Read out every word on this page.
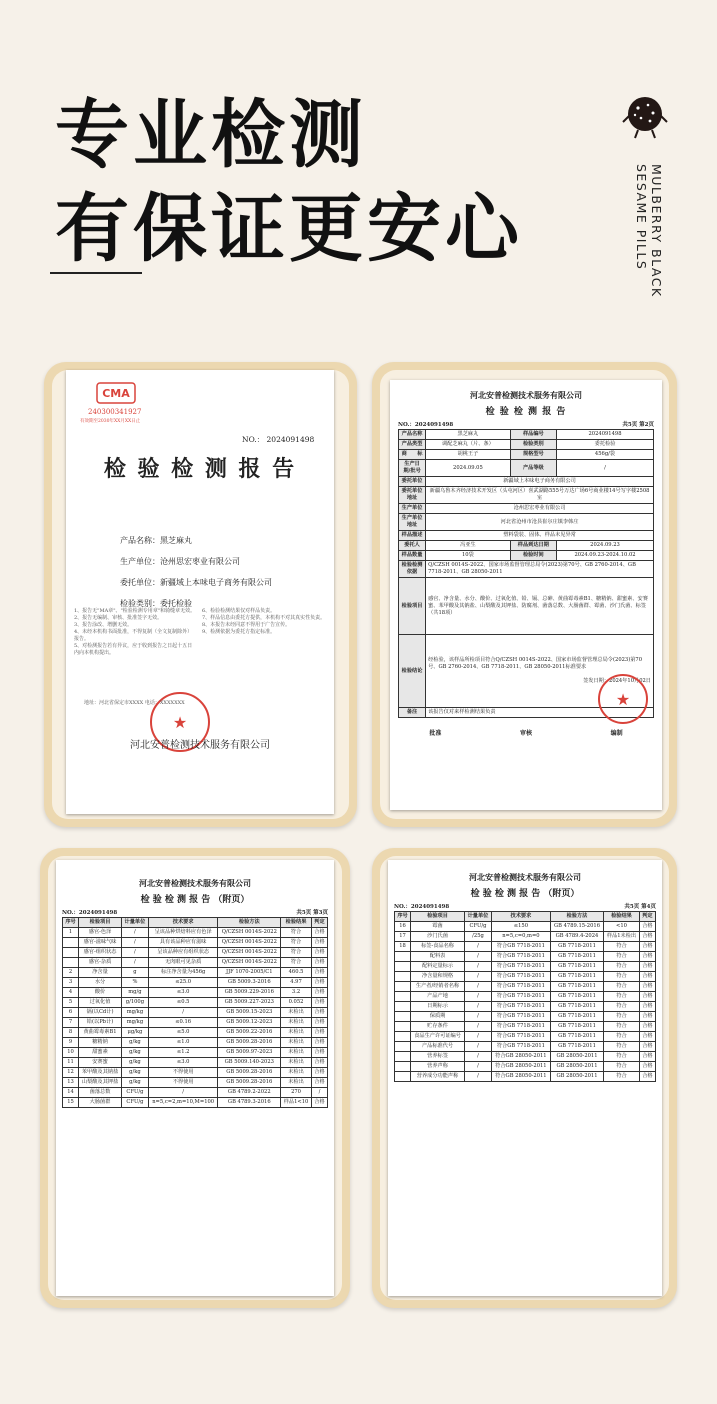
专业检测
有保证更安心	MULBERRY BLACK SESAME PILLS
CMA
240300341927
有效期至2030年XX月XX日止
NO.： 2024091498
检 验 检 测 报 告
产品名称：黑芝麻丸
生产单位：沧州思宏枣业有限公司
委托单位：新疆域上本味电子商务有限公司
检验类别：委托检验
1、报告无"MA章"、"检验检测专用章"和骑缝章无效。
2、报告无编制、审核、批准签字无效。
3、报告涂改、增删无效。
4、未经本机构书面批准，不得复制（全文复制除外）报告。
5、对检测报告若有异议，应于收到报告之日起十五日内向本机构提出。
6、检验检测结果仅对样品负责。
7、样品信息由委托方提供，本机构不对其真实性负责。
8、本报告未经同意不得用于广告宣传。
9、检测依据为委托方指定标准。
★
河北安普检测技术服务有限公司
地址：河北省保定市XXXX 电话：XXXXXXX
河北安普检测技术服务有限公司
检 验 检 测 报 告
NO.：2024091498	共5页 第2页
产品名称	黑芝麻丸	样品编号	2024091498
产品类型	调配芝麻丸（片、条）	检验类别	委托检验
商　　标	胡桃王子	规格型号	456g/袋
生产日期/批号	2024.09.05	产品等级	/
委托单位	新疆域上本味电子商务有限公司		
委托单位地址	新疆乌鲁木齐经济技术开发区（头屯河区）喜武湖路555号万达广场6号商业楼14号写字楼2508室		
生产单位	沧州思宏枣业有限公司		
生产单位地址	河北省沧州市沧县崔尔庄镇李韩庄		
样品描述	塑料袋装、固体、样品未见异常		
委托人	冯亚生	样品到达日期	2024.09.23
样品数量	10袋	检验时间	2024.09.23-2024.10.02
检验检测依据	Q/CZSH 0014S-2022、国家市场监督管理总局令(2023)第70号、GB 2760-2014、GB 7718-2011、GB 28050-2011		
检验项目	感官、净含量、水分、酸价、过氧化值、铅、镉、总砷、黄曲霉毒素B1、糖精钠、甜蜜素、安赛蜜、苯甲酸及其钠盐、山梨酸及其钾盐、防腐剂、菌落总数、大肠菌群、霉菌、沙门氏菌、标签（共18项）		
检验结论	经检验，该样品所检项目符合Q/CZSH 0014S-2022、国家市场监督管理总局令(2023)第70号、GB 2760-2014、GB 7718-2011、GB 28050-2011标准要求

签发日期：2024年10月02日		

备注	该报告仅对来样检测结果负责		
★
批准	审核	编制
河北安普检测技术服务有限公司
检 验 检 测 报 告 （附页）
NO.：2024091498	共5页 第3页
序号	检验项目	计量单位	技术要求	检验方法	检验结果	判定
1	感官-色泽	/	呈该品种烘焙料应有色泽	Q/CZSH 0014S-2022	符合	合格
	感官-滋味气味	/	具有该品种应有滋味	Q/CZSH 0014S-2022	符合	合格
	感官-组织状态	/	呈该品种应有组织状态	Q/CZSH 0014S-2022	符合	合格
	感官-杂质	/	无肉眼可见杂质	Q/CZSH 0014S-2022	符合	合格
2	净含量	g	标注净含量为456g	JJF 1070-2005/C1	460.5	合格
3	水分	%	≤25.0	GB 5009.3-2016	4.97	合格
4	酸价	mg/g	≤3.0	GB 5009.229-2016	3.2	合格
5	过氧化值	g/100g	≤0.5	GB 5009.227-2023	0.052	合格
6	镉(以Cd计)	mg/kg	/	GB 5009.15-2023	未检出	合格
7	铅(以Pb计)	mg/kg	≤0.16	GB 5009.12-2023	未检出	合格
8	黄曲霉毒素B1	μg/kg	≤5.0	GB 5009.22-2016	未检出	合格
9	糖精钠	g/kg	≤1.0	GB 5009.28-2016	未检出	合格
10	甜蜜素	g/kg	≤1.2	GB 5009.97-2023	未检出	合格
11	安赛蜜	g/kg	≤3.0	GB 5009.140-2023	未检出	合格
12	苯甲酸及其钠盐	g/kg	不得使用	GB 5009.28-2016	未检出	合格
13	山梨酸及其钾盐	g/kg	不得使用	GB 5009.28-2016	未检出	合格
14	菌落总数	CFU/g	/	GB 4789.2-2022	270	/
15	大肠菌群	CFU/g	n=5,c=2,m=10,M=100	GB 4789.3-2016	样品1<10	合格
河北安普检测技术服务有限公司
检 验 检 测 报 告 （附页）
NO.：2024091498	共5页 第4页
序号	检验项目	计量单位	技术要求	检验方法	检验结果	判定
16	霉菌	CFU/g	≤150	GB 4789.15-2016	<10	合格
17	沙门氏菌	/25g	n=5,c=0,m=0	GB 4789.4-2024	样品1未检出	合格
18	标签-食品名称	/	符合GB 7718-2011	GB 7718-2011	符合	合格
	配料表	/	符合GB 7718-2011	GB 7718-2011	符合	合格
	配料定量标示	/	符合GB 7718-2011	GB 7718-2011	符合	合格
	净含量和规格	/	符合GB 7718-2011	GB 7718-2011	符合	合格
	生产者/经销者名称	/	符合GB 7718-2011	GB 7718-2011	符合	合格
	产品产地	/	符合GB 7718-2011	GB 7718-2011	符合	合格
	日期标示	/	符合GB 7718-2011	GB 7718-2011	符合	合格
	保质期	/	符合GB 7718-2011	GB 7718-2011	符合	合格
	贮存条件	/	符合GB 7718-2011	GB 7718-2011	符合	合格
	食品生产许可证编号	/	符合GB 7718-2011	GB 7718-2011	符合	合格
	产品标准代号	/	符合GB 7718-2011	GB 7718-2011	符合	合格
	营养标签	/	符合GB 28050-2011	GB 28050-2011	符合	合格
	营养声称	/	符合GB 28050-2011	GB 28050-2011	符合	合格
	营养成分功能声称	/	符合GB 28050-2011	GB 28050-2011	符合	合格
